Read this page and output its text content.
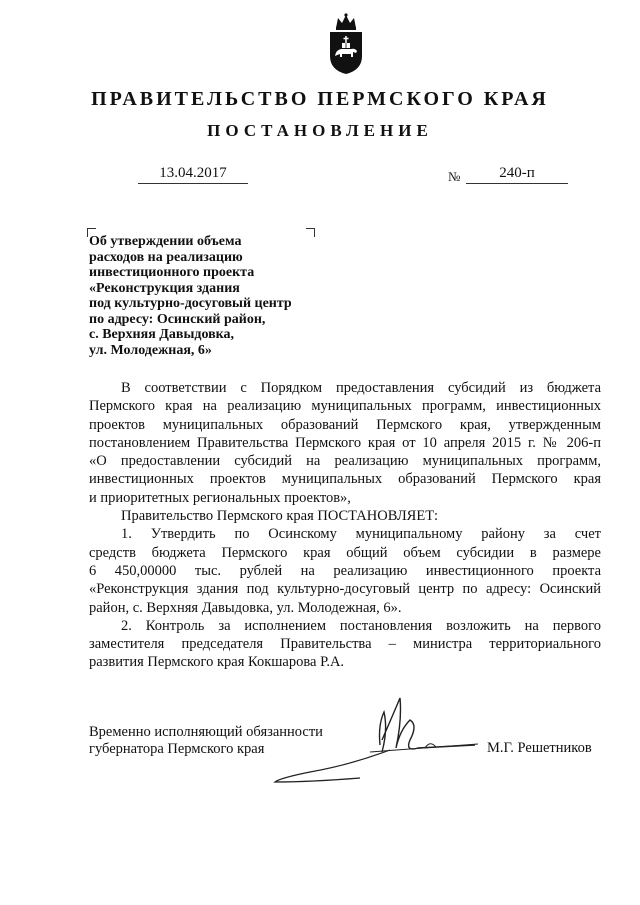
ПРАВИТЕЛЬСТВО ПЕРМСКОГО КРАЯ
ПОСТАНОВЛЕНИЕ
13.04.2017	№	240-п
Об утверждении объема
расходов на реализацию
инвестиционного проекта
«Реконструкция здания
под культурно-досуговый центр
по адресу: Осинский район,
с. Верхняя Давыдовка,
ул. Молодежная, 6»
В соответствии с Порядком предоставления субсидий из бюджета
Пермского края на реализацию муниципальных программ, инвестиционных
проектов муниципальных образований Пермского края, утвержденным
постановлением Правительства Пермского края от 10 апреля 2015 г. № 206-п
«О предоставлении субсидий на реализацию муниципальных программ,
инвестиционных проектов муниципальных образований Пермского края
и приоритетных региональных проектов»,
Правительство Пермского края ПОСТАНОВЛЯЕТ:
1. Утвердить по Осинскому муниципальному району за счет
средств бюджета Пермского края общий объем субсидии в размере
6 450,00000 тыс. рублей на реализацию инвестиционного проекта
«Реконструкция здания под культурно-досуговый центр по адресу: Осинский
район, с. Верхняя Давыдовка, ул. Молодежная, 6».
2. Контроль за исполнением постановления возложить на первого
заместителя председателя Правительства – министра территориального
развития Пермского края Кокшарова Р.А.
Временно исполняющий обязанности
губернатора Пермского края	М.Г. Решетников
